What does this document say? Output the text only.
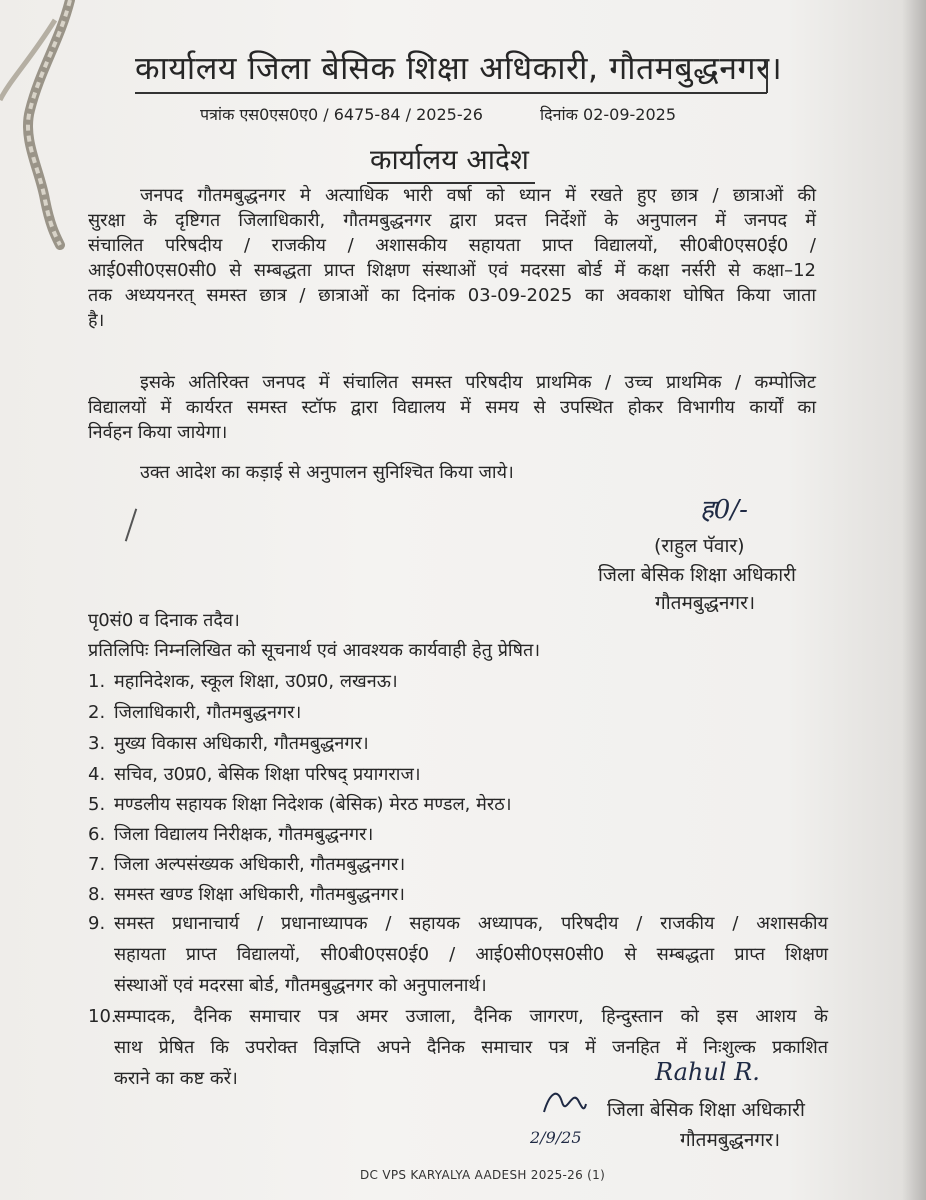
कार्यालय जिला बेसिक शिक्षा अधिकारी, गौतमबुद्धनगर।
पत्रांक एस0एस0ए0 / 6475-84 / 2025-26	दिनांक 02-09-2025
कार्यालय आदेश
जनपद गौतमबुद्धनगर मे अत्याधिक भारी वर्षा को ध्यान में रखते हुए छात्र / छात्राओं की
सुरक्षा के दृष्टिगत जिलाधिकारी, गौतमबुद्धनगर द्वारा प्रदत्त निर्देशों के अनुपालन में जनपद में
संचालित परिषदीय / राजकीय / अशासकीय सहायता प्राप्त विद्यालयों, सी0बी0एस0ई0 /
आई0सी0एस0सी0 से सम्बद्धता प्राप्त शिक्षण संस्थाओं एवं मदरसा बोर्ड में कक्षा नर्सरी से कक्षा–12
तक अध्ययनरत् समस्त छात्र / छात्राओं का दिनांक 03-09-2025 का अवकाश घोषित किया जाता
है।
इसके अतिरिक्त जनपद में संचालित समस्त परिषदीय प्राथमिक / उच्च प्राथमिक / कम्पोजिट
विद्यालयों में कार्यरत समस्त स्टॉफ द्वारा विद्यालय में समय से उपस्थित होकर विभागीय कार्यों का
निर्वहन किया जायेगा।
उक्त आदेश का कड़ाई से अनुपालन सुनिश्चित किया जाये।
ह0/-
(राहुल पॅवार)
जिला बेसिक शिक्षा अधिकारी
गौतमबुद्धनगर।
पृ0सं0 व दिनाक तदैव।
प्रतिलिपिः निम्नलिखित को सूचनार्थ एवं आवश्यक कार्यवाही हेतु प्रेषित।
1. महानिदेशक, स्कूल शिक्षा, उ0प्र0, लखनऊ।
2. जिलाधिकारी, गौतमबुद्धनगर।
3. मुख्य विकास अधिकारी, गौतमबुद्धनगर।
4. सचिव, उ0प्र0, बेसिक शिक्षा परिषद् प्रयागराज।
5. मण्डलीय सहायक शिक्षा निदेशक (बेसिक) मेरठ मण्डल, मेरठ।
6. जिला विद्यालय निरीक्षक, गौतमबुद्धनगर।
7. जिला अल्पसंख्यक अधिकारी, गौतमबुद्धनगर।
8. समस्त खण्ड शिक्षा अधिकारी, गौतमबुद्धनगर।
9. समस्त प्रधानाचार्य / प्रधानाध्यापक / सहायक अध्यापक, परिषदीय / राजकीय / अशासकीय
सहायता प्राप्त विद्यालयों, सी0बी0एस0ई0 / आई0सी0एस0सी0 से सम्बद्धता प्राप्त शिक्षण
संस्थाओं एवं मदरसा बोर्ड, गौतमबुद्धनगर को अनुपालनार्थ।
10.
सम्पादक, दैनिक समाचार पत्र अमर उजाला, दैनिक जागरण, हिन्दुस्तान को इस आशय के
साथ प्रेषित कि उपरोक्त विज्ञप्ति अपने दैनिक समाचार पत्र में जनहित में निःशुल्क प्रकाशित
कराने का कष्ट करें।	Rahul R.
2/9/25
जिला बेसिक शिक्षा अधिकारी
गौतमबुद्धनगर।
DC VPS KARYALYA AADESH 2025-26 (1)
